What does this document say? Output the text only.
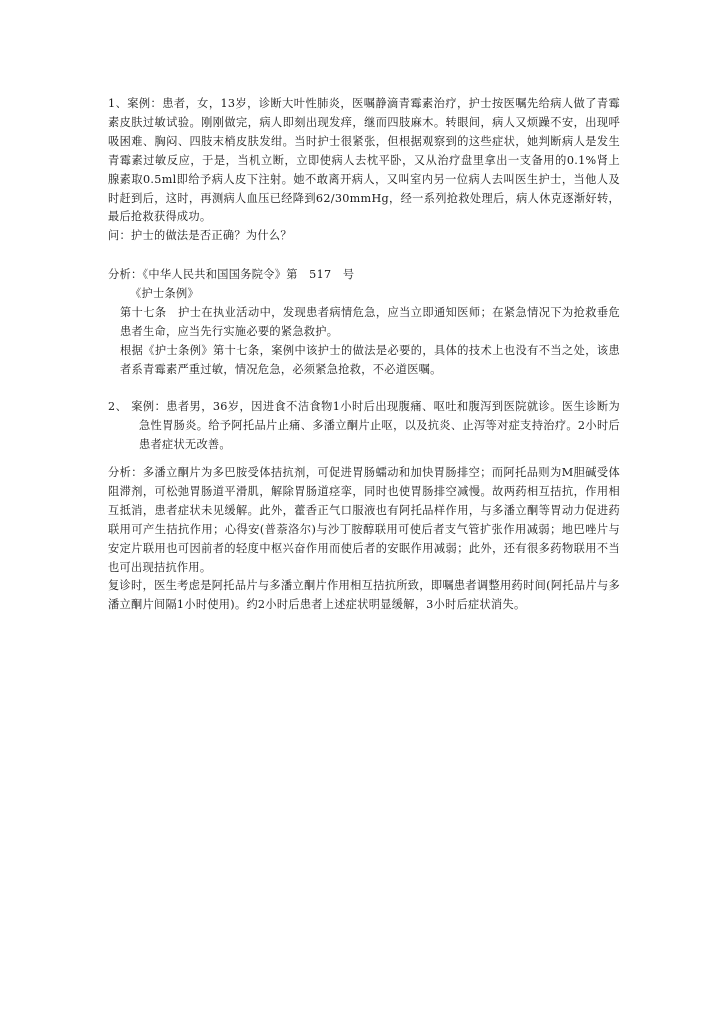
1、案例：患者，女，13岁，诊断大叶性肺炎，医嘱静滴青霉素治疗，护士按医嘱先给病人做了青霉素皮肤过敏试验。刚刚做完，病人即刻出现发痒，继而四肢麻木。转眼间，病人又烦躁不安，出现呼吸困难、胸闷、四肢末梢皮肤发绀。当时护士很紧张，但根据观察到的这些症状，她判断病人是发生青霉素过敏反应，于是，当机立断，立即使病人去枕平卧，又从治疗盘里拿出一支备用的0.1%肾上腺素取0.5ml即给予病人皮下注射。她不敢离开病人，又叫室内另一位病人去叫医生护士，当他人及时赶到后，这时，再测病人血压已经降到62/30mmHg，经一系列抢救处理后，病人休克逐渐好转，最后抢救获得成功。

问：护士的做法是否正确？为什么？

分析：《中华人民共和国国务院令》第　517　号

《护士条例》

第十七条　护士在执业活动中，发现患者病情危急，应当立即通知医师；在紧急情况下为抢救垂危患者生命，应当先行实施必要的紧急救护。

根据《护士条例》第十七条，案例中该护士的做法是必要的，具体的技术上也没有不当之处，该患者系青霉素严重过敏，情况危急，必须紧急抢救，不必道医嘱。

2、 案例：患者男，36岁，因进食不洁食物1小时后出现腹痛、呕吐和腹泻到医院就诊。医生诊断为急性胃肠炎。给予阿托品片止痛、多潘立酮片止呕，以及抗炎、止泻等对症支持治疗。2小时后患者症状无改善。

分析：多潘立酮片为多巴胺受体拮抗剂，可促进胃肠蠕动和加快胃肠排空；而阿托品则为M胆碱受体阻滞剂，可松弛胃肠道平滑肌，解除胃肠道痉挛，同时也使胃肠排空减慢。故两药相互拮抗，作用相互抵消，患者症状未见缓解。此外，藿香正气口服液也有阿托品样作用，与多潘立酮等胃动力促进药联用可产生拮抗作用；心得安(普萘洛尔)与沙丁胺醇联用可使后者支气管扩张作用减弱；地巴唑片与安定片联用也可因前者的轻度中枢兴奋作用而使后者的安眠作用减弱；此外，还有很多药物联用不当也可出现拮抗作用。

复诊时，医生考虑是阿托品片与多潘立酮片作用相互拮抗所致，即嘱患者调整用药时间(阿托品片与多潘立酮片间隔1小时使用)。约2小时后患者上述症状明显缓解，3小时后症状消失。
